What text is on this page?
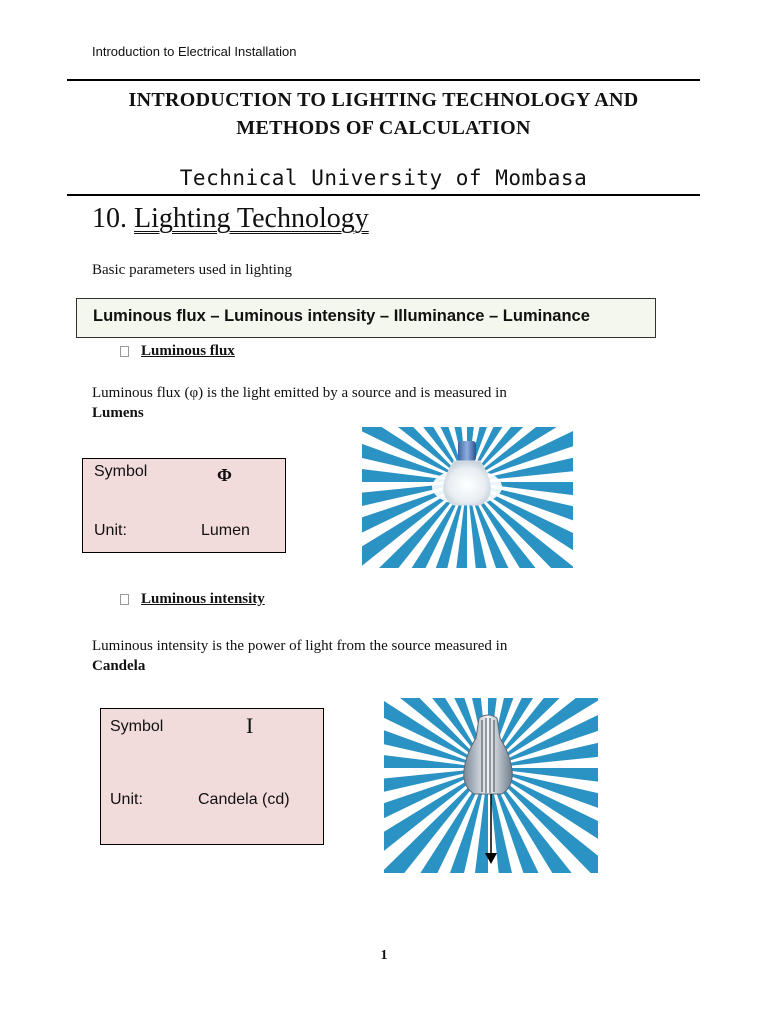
Introduction to Electrical Installation
INTRODUCTION TO LIGHTING TECHNOLOGY AND
METHODS OF CALCULATION
Technical University of Mombasa
10. Lighting Technology
Basic parameters used in lighting
Luminous flux – Luminous intensity – Illuminance – Luminance
Luminous flux
Luminous flux (φ) is the light emitted by a source and is measured in
Lumens
Symbol	Φ
Unit:	Lumen
Luminous intensity
Luminous intensity is the power of light from the source measured in
Candela
Symbol	I
Unit:	Candela (cd)
1
